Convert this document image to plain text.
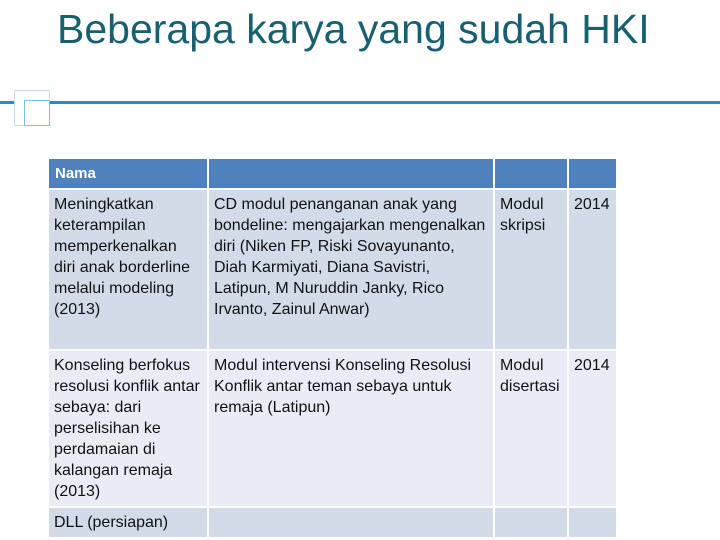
Beberapa karya yang sudah HKI
Nama			
Meningkatkan keterampilan memperkenalkan diri anak borderline melalui modeling (2013)	CD modul penanganan anak yang bondeline: mengajarkan mengenalkan diri (Niken FP, Riski Sovayunanto, Diah Karmiyati, Diana Savistri, Latipun, M Nuruddin Janky, Rico Irvanto, Zainul Anwar)	Modul skripsi	2014
Konseling berfokus resolusi konflik antar sebaya: dari perselisihan ke perdamaian di kalangan remaja (2013)	Modul intervensi Konseling Resolusi Konflik antar teman sebaya untuk remaja (Latipun)	Modul disertasi	2014
DLL (persiapan)			
